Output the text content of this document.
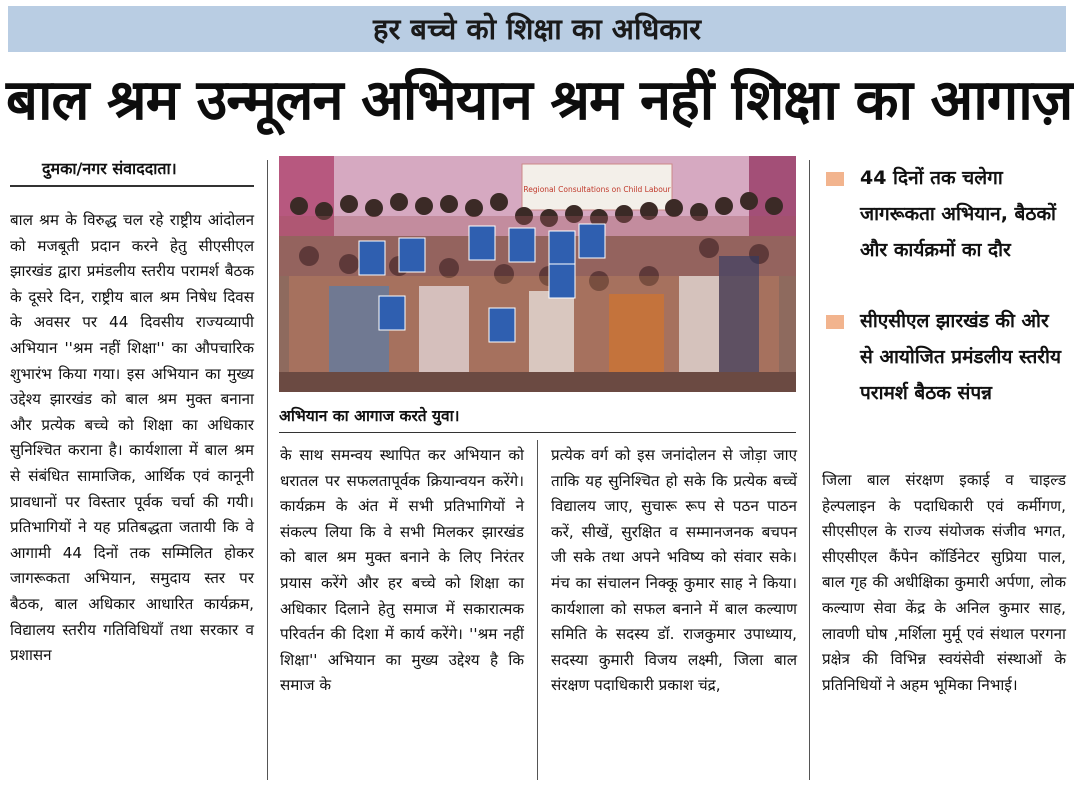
हर बच्चे को शिक्षा का अधिकार
बाल श्रम उन्मूलन अभियान श्रम नहीं शिक्षा का आगाज़
दुमका/नगर संवाददाता।

बाल श्रम के विरुद्ध चल रहे राष्ट्रीय आंदोलन को मजबूती प्रदान करने हेतु सीएसीएल झारखंड द्वारा प्रमंडलीय स्तरीय परामर्श बैठक के दूसरे दिन, राष्ट्रीय बाल श्रम निषेध दिवस के अवसर पर 44 दिवसीय राज्यव्यापी अभियान ''श्रम नहीं शिक्षा'' का औपचारिक शुभारंभ किया गया। इस अभियान का मुख्य उद्देश्य झारखंड को बाल श्रम मुक्त बनाना और प्रत्येक बच्चे को शिक्षा का अधिकार सुनिश्चित कराना है। कार्यशाला में बाल श्रम से संबंधित सामाजिक, आर्थिक एवं कानूनी प्रावधानों पर विस्तार पूर्वक चर्चा की गयी। प्रतिभागियों ने यह प्रतिबद्धता जतायी कि वे आगामी 44 दिनों तक सम्मिलित होकर जागरूकता अभियान, समुदाय स्तर पर बैठक, बाल अधिकार आधारित कार्यक्रम, विद्यालय स्तरीय गतिविधियाँ तथा सरकार व प्रशासन

Regional Consultations on Child Labour
अभियान का आगाज करते युवा।

के साथ समन्वय स्थापित कर अभियान को धरातल पर सफलतापूर्वक क्रियान्वयन करेंगे।कार्यक्रम के अंत में सभी प्रतिभागियों ने संकल्प लिया कि वे सभी मिलकर झारखंड को बाल श्रम मुक्त बनाने के लिए निरंतर प्रयास करेंगे और हर बच्चे को शिक्षा का अधिकार दिलाने हेतु समाज में सकारात्मक परिवर्तन की दिशा में कार्य करेंगे। ''श्रम नहीं शिक्षा'' अभियान का मुख्य उद्देश्य है कि समाज के

प्रत्येक वर्ग को इस जनांदोलन से जोड़ा जाए ताकि यह सुनिश्चित हो सके कि प्रत्येक बच्चें विद्यालय जाए, सुचारू रूप से पठन पाठन करें, सीखें, सुरक्षित व सम्मानजनक बचपन जी सके तथा अपने भविष्य को संवार सके। मंच का संचालन निक्कू कुमार साह ने किया। कार्यशाला को सफल बनाने में बाल कल्याण समिति के सदस्य डॉ. राजकुमार उपाध्याय, सदस्या कुमारी विजय लक्ष्मी, जिला बाल संरक्षण पदाधिकारी प्रकाश चंद्र,

44 दिनों तक चलेगा जागरूकता अभियान, बैठकों और कार्यक्रमों का दौर
सीएसीएल झारखंड की ओर से आयोजित प्रमंडलीय स्तरीय परामर्श बैठक संपन्न

जिला बाल संरक्षण इकाई व चाइल्ड हेल्पलाइन के पदाधिकारी एवं कर्मीगण, सीएसीएल के राज्य संयोजक संजीव भगत, सीएसीएल कैंपेन कॉर्डिनेटर सुप्रिया पाल, बाल गृह की अधीक्षिका कुमारी अर्पणा, लोक कल्याण सेवा केंद्र के अनिल कुमार साह, लावणी घोष ,मर्शिला मुर्मू एवं संथाल परगना प्रक्षेत्र की विभिन्न स्वयंसेवी संस्थाओं के प्रतिनिधियों ने अहम भूमिका निभाई।
